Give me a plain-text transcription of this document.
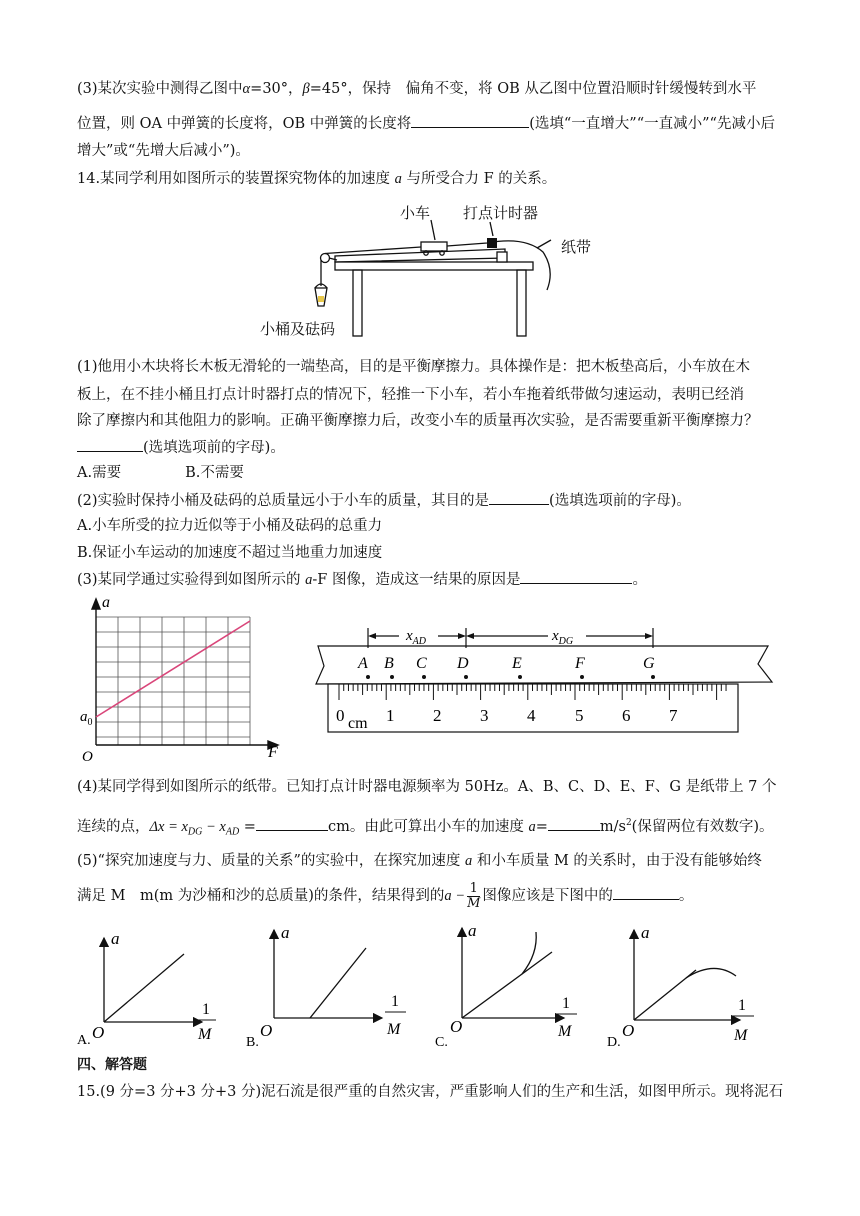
(3)某次实验中测得乙图中α=30°，β=45°，保持　偏角不变，将 OB 从乙图中位置沿顺时针缓慢转到水平
位置，则 OA 中弹簧的长度将，OB 中弹簧的长度将	(选填“一直增大”“一直减小”“先减小后
增大”或“先增大后减小”)。
14.某同学利用如图所示的装置探究物体的加速度 a 与所受合力 F 的关系。
小车 打点计时器
纸带
小桶及砝码
(1)他用小木块将长木板无滑轮的一端垫高，目的是平衡摩擦力。具体操作是：把木板垫高后，小车放在木
板上，在不挂小桶且打点计时器打点的情况下，轻推一下小车，若小车拖着纸带做匀速运动，表明已经消
除了摩擦内和其他阻力的影响。正确平衡摩擦力后，改变小车的质量再次实验，是否需要重新平衡摩擦力？
(选填选项前的字母)。
A.需要	B.不需要
(2)实验时保持小桶及砝码的总质量远小于小车的质量，其目的是	(选填选项前的字母)。
A.小车所受的拉力近似等于小桶及砝码的总重力
B.保证小车运动的加速度不超过当地重力加速度
(3)某同学通过实验得到如图所示的 a-F 图像，造成这一结果的原因是	。
a
F
O
$a_0$
$x_{AD}$	$x_{DG}$
A B C D	E	F	G
0 cm 1 2 3 4 5 6 7
(4)某同学得到如图所示的纸带。已知打点计时器电源频率为 50Hz。A、B、C、D、E、F、G 是纸带上 7 个
连续的点，$\Delta x = x_{DG} - x_{AD}$ =	cm。由此可算出小车的加速度 a=	$m/s^2$(保留两位有效数字)。
(5)“探究加速度与力、质量的关系”的实验中，在探究加速度 a 和小车质量 M 的关系时，由于没有能够始终
满足 M　m(m 为沙桶和沙的总质量)的条件，结果得到的$a - \frac{1}{M}$ 图像应该是下图中的	。
a
O
1
M
A.
a
O
1
M
B.
a
O
1
M
C.
a
O
1
M
D.
四、解答题
15.(9 分=3 分+3 分+3 分)泥石流是很严重的自然灾害，严重影响人们的生产和生活，如图甲所示。现将泥石
